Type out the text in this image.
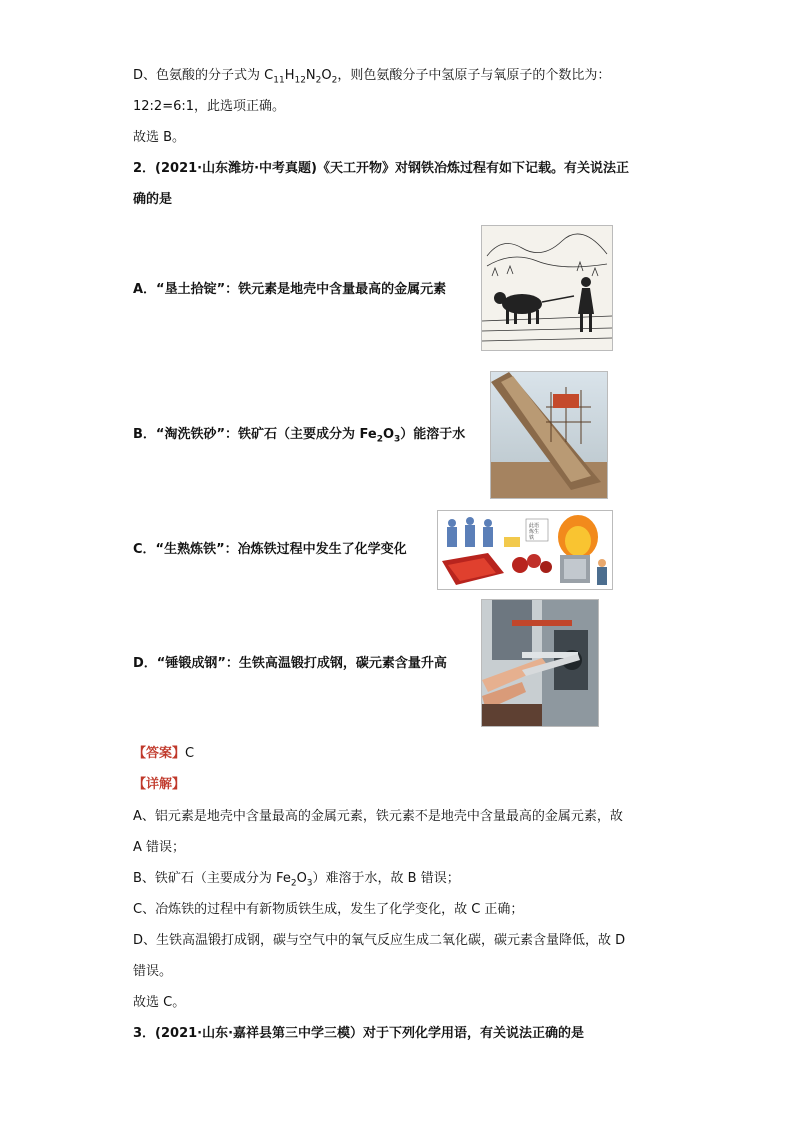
D、色氨酸的分子式为 $C_{11}H_{12}N_2O_2$，则色氨酸分子中氢原子与氧原子的个数比为：
12:2=6:1，此选项正确。
故选 B。
2．(2021·山东潍坊·中考真题)《天工开物》对钢铁冶炼过程有如下记载。有关说法正
确的是
A．“垦土拾锭”：铁元素是地壳中含量最高的金属元素
B．“淘洗铁砂”：铁矿石（主要成分为 $Fe_2O_3$）能溶于水
C．“生熟炼铁”：冶炼铁过程中发生了化学变化
此语
炼生
铁
D．“锤锻成钢”：生铁高温锻打成钢，碳元素含量升高
【答案】C
【详解】
A、铝元素是地壳中含量最高的金属元素，铁元素不是地壳中含量最高的金属元素，故
A 错误；
B、铁矿石（主要成分为 $Fe_2O_3$）难溶于水，故 B 错误；
C、冶炼铁的过程中有新物质铁生成，发生了化学变化，故 C 正确；
D、生铁高温锻打成钢，碳与空气中的氧气反应生成二氧化碳，碳元素含量降低，故 D
错误。
故选 C。
3．(2021·山东·嘉祥县第三中学三模）对于下列化学用语，有关说法正确的是
